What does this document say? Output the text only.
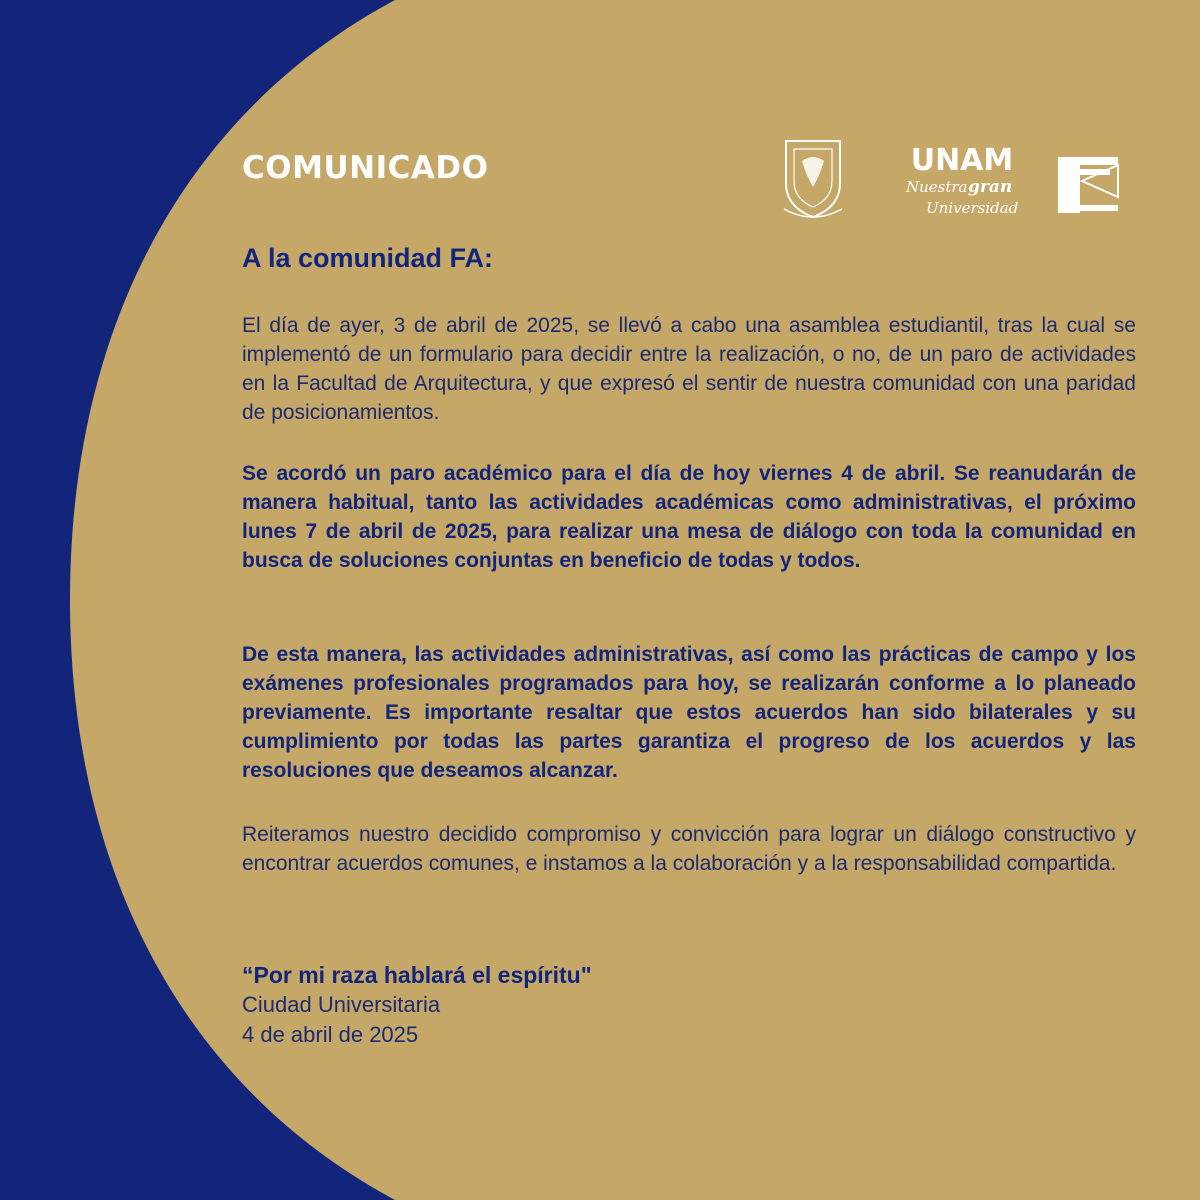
COMUNICADO	UNAM
Nuestra gran
Universidad
A la comunidad FA:

El día de ayer, 3 de abril de 2025, se llevó a cabo una asamblea estudiantil, tras la cual se implementó de un formulario para decidir entre la realización, o no, de un paro de actividades en la Facultad de Arquitectura, y que expresó el sentir de nuestra comunidad con una paridad de posicionamientos.

Se acordó un paro académico para el día de hoy viernes 4 de abril. Se reanudarán de manera habitual, tanto las actividades académicas como administrativas, el próximo lunes 7 de abril de 2025, para realizar una mesa de diálogo con toda la comunidad en busca de soluciones conjuntas en beneficio de todas y todos.

De esta manera, las actividades administrativas, así como las prácticas de campo y los exámenes profesionales programados para hoy, se realizarán conforme a lo planeado previamente. Es importante resaltar que estos acuerdos han sido bilaterales y su cumplimiento por todas las partes garantiza el progreso de los acuerdos y las resoluciones que deseamos alcanzar.

Reiteramos nuestro decidido compromiso y convicción para lograr un diálogo constructivo y encontrar acuerdos comunes, e instamos a la colaboración y a la responsabilidad compartida.

“Por mi raza hablará el espíritu"
Ciudad Universitaria
4 de abril de 2025
